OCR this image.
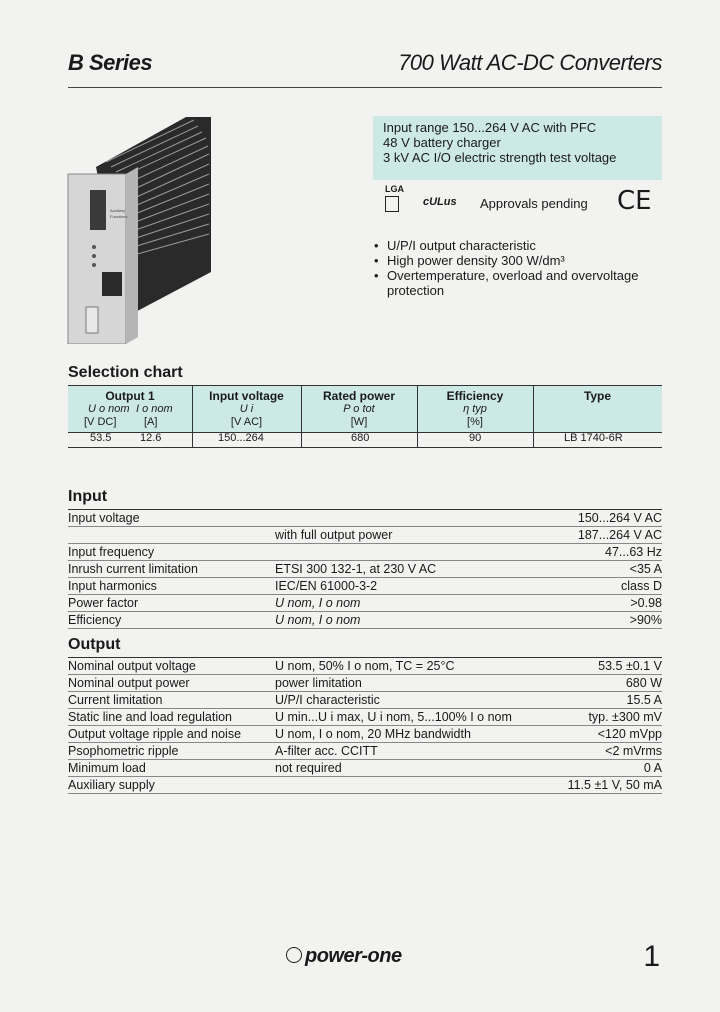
B Series	700 Watt AC-DC Converters
Auxiliary
Functions
Input range 150...264 V AC with PFC
48 V battery charger
3 kV AC I/O electric strength test voltage
LGA
cULus Approvals pending CE
• U/P/I output characteristic
• High power density 300 W/dm³
• Overtemperature, overload and overvoltage
protection
Selection chart
Output 1
U o nom I o nom
[V DC]	[A]
Input voltage
U i
[V AC]
Rated power
P o tot
[W]
Efficiency
η typ
[%]
Type
53.5	12.6	150...264	680	90	LB 1740-6R
Input
Input voltage	150...264 V AC
with full output power	187...264 V AC
Input frequency	47...63 Hz
Inrush current limitation	ETSI 300 132-1, at 230 V AC	<35 A
Input harmonics	IEC/EN 61000-3-2	class D
Power factor	U nom, I o nom	>0.98
Efficiency	U nom, I o nom	>90%
Output
Nominal output voltage	U nom, 50% I o nom, TC = 25°C	53.5 ±0.1 V
Nominal output power	power limitation	680 W
Current limitation	U/P/I characteristic	15.5 A
Static line and load regulation	U min...U i max, U i nom, 5...100% I o nom	typ. ±300 mV
Output voltage ripple and noise	U nom, I o nom, 20 MHz bandwidth	<120 mVpp
Psophometric ripple	A-filter acc. CCITT	<2 mVrms
Minimum load	not required	0 A
Auxiliary supply	11.5 ±1 V, 50 mA
power-one	1
